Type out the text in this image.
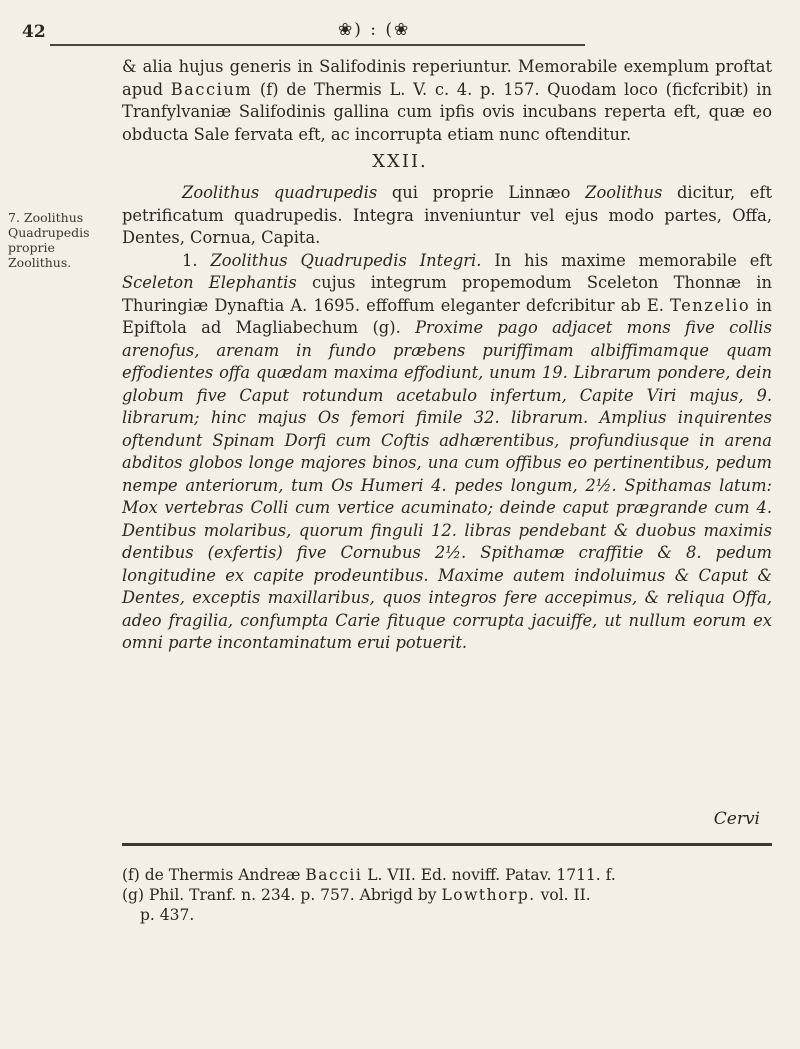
42	❀) : (❀

& alia hujus generis in Salifodinis reperiuntur. Memorabile exemplum proftat apud Baccium (f) de Thermis L. V. c. 4. p. 157. Quodam loco (ficfcribit) in Tranfylvaniæ Salifodinis gallina cum ipfis ovis incubans reperta eft, quæ eo obducta Sale fervata eft, ac incorrupta etiam nunc oftenditur.

XXII.
7. Zoolithus Quadrupedis proprie Zoolithus.

Zoolithus quadrupedis qui proprie Linnæo Zoolithus dicitur, eft petrificatum quadrupedis. Integra inveniuntur vel ejus modo partes, Offa, Dentes, Cornua, Capita.

1. Zoolithus Quadrupedis Integri. In his maxime memorabile eft Sceleton Elephantis cujus integrum propemodum Sceleton Thonnæ in Thuringiæ Dynaftia A. 1695. effoffum eleganter defcribitur ab E. Tenzelio in Epiftola ad Magliabechum (g). Proxime pago adjacet mons five collis arenofus, arenam in fundo præbens puriffimam albiffimamque quam effodientes offa quædam maxima effodiunt, unum 19. Librarum pondere, dein globum five Caput rotundum acetabulo infertum, Capite Viri majus, 9. librarum; hinc majus Os femori fimile 32. librarum. Amplius inquirentes oftendunt Spinam Dorfi cum Coftis adhærentibus, profundiusque in arena abditos globos longe majores binos, una cum offibus eo pertinentibus, pedum nempe anteriorum, tum Os Humeri 4. pedes longum, 2½. Spithamas latum: Mox vertebras Colli cum vertice acuminato; deinde caput prægrande cum 4. Dentibus molaribus, quorum finguli 12. libras pendebant & duobus maximis dentibus (exfertis) five Cornubus 2½. Spithamæ craffitie & 8. pedum longitudine ex capite prodeuntibus. Maxime autem indoluimus & Caput & Dentes, exceptis maxillaribus, quos integros fere accepimus, & reliqua Offa, adeo fragilia, confumpta Carie fituque corrupta jacuiffe, ut nullum eorum ex omni parte incontaminatum erui potuerit.

Cervi

(f) de Thermis Andreæ Baccii L. VII. Ed. noviff. Patav. 1711. f.

(g) Phil. Tranf. n. 234. p. 757. Abrigd by Lowthorp. vol. II.

p. 437.
